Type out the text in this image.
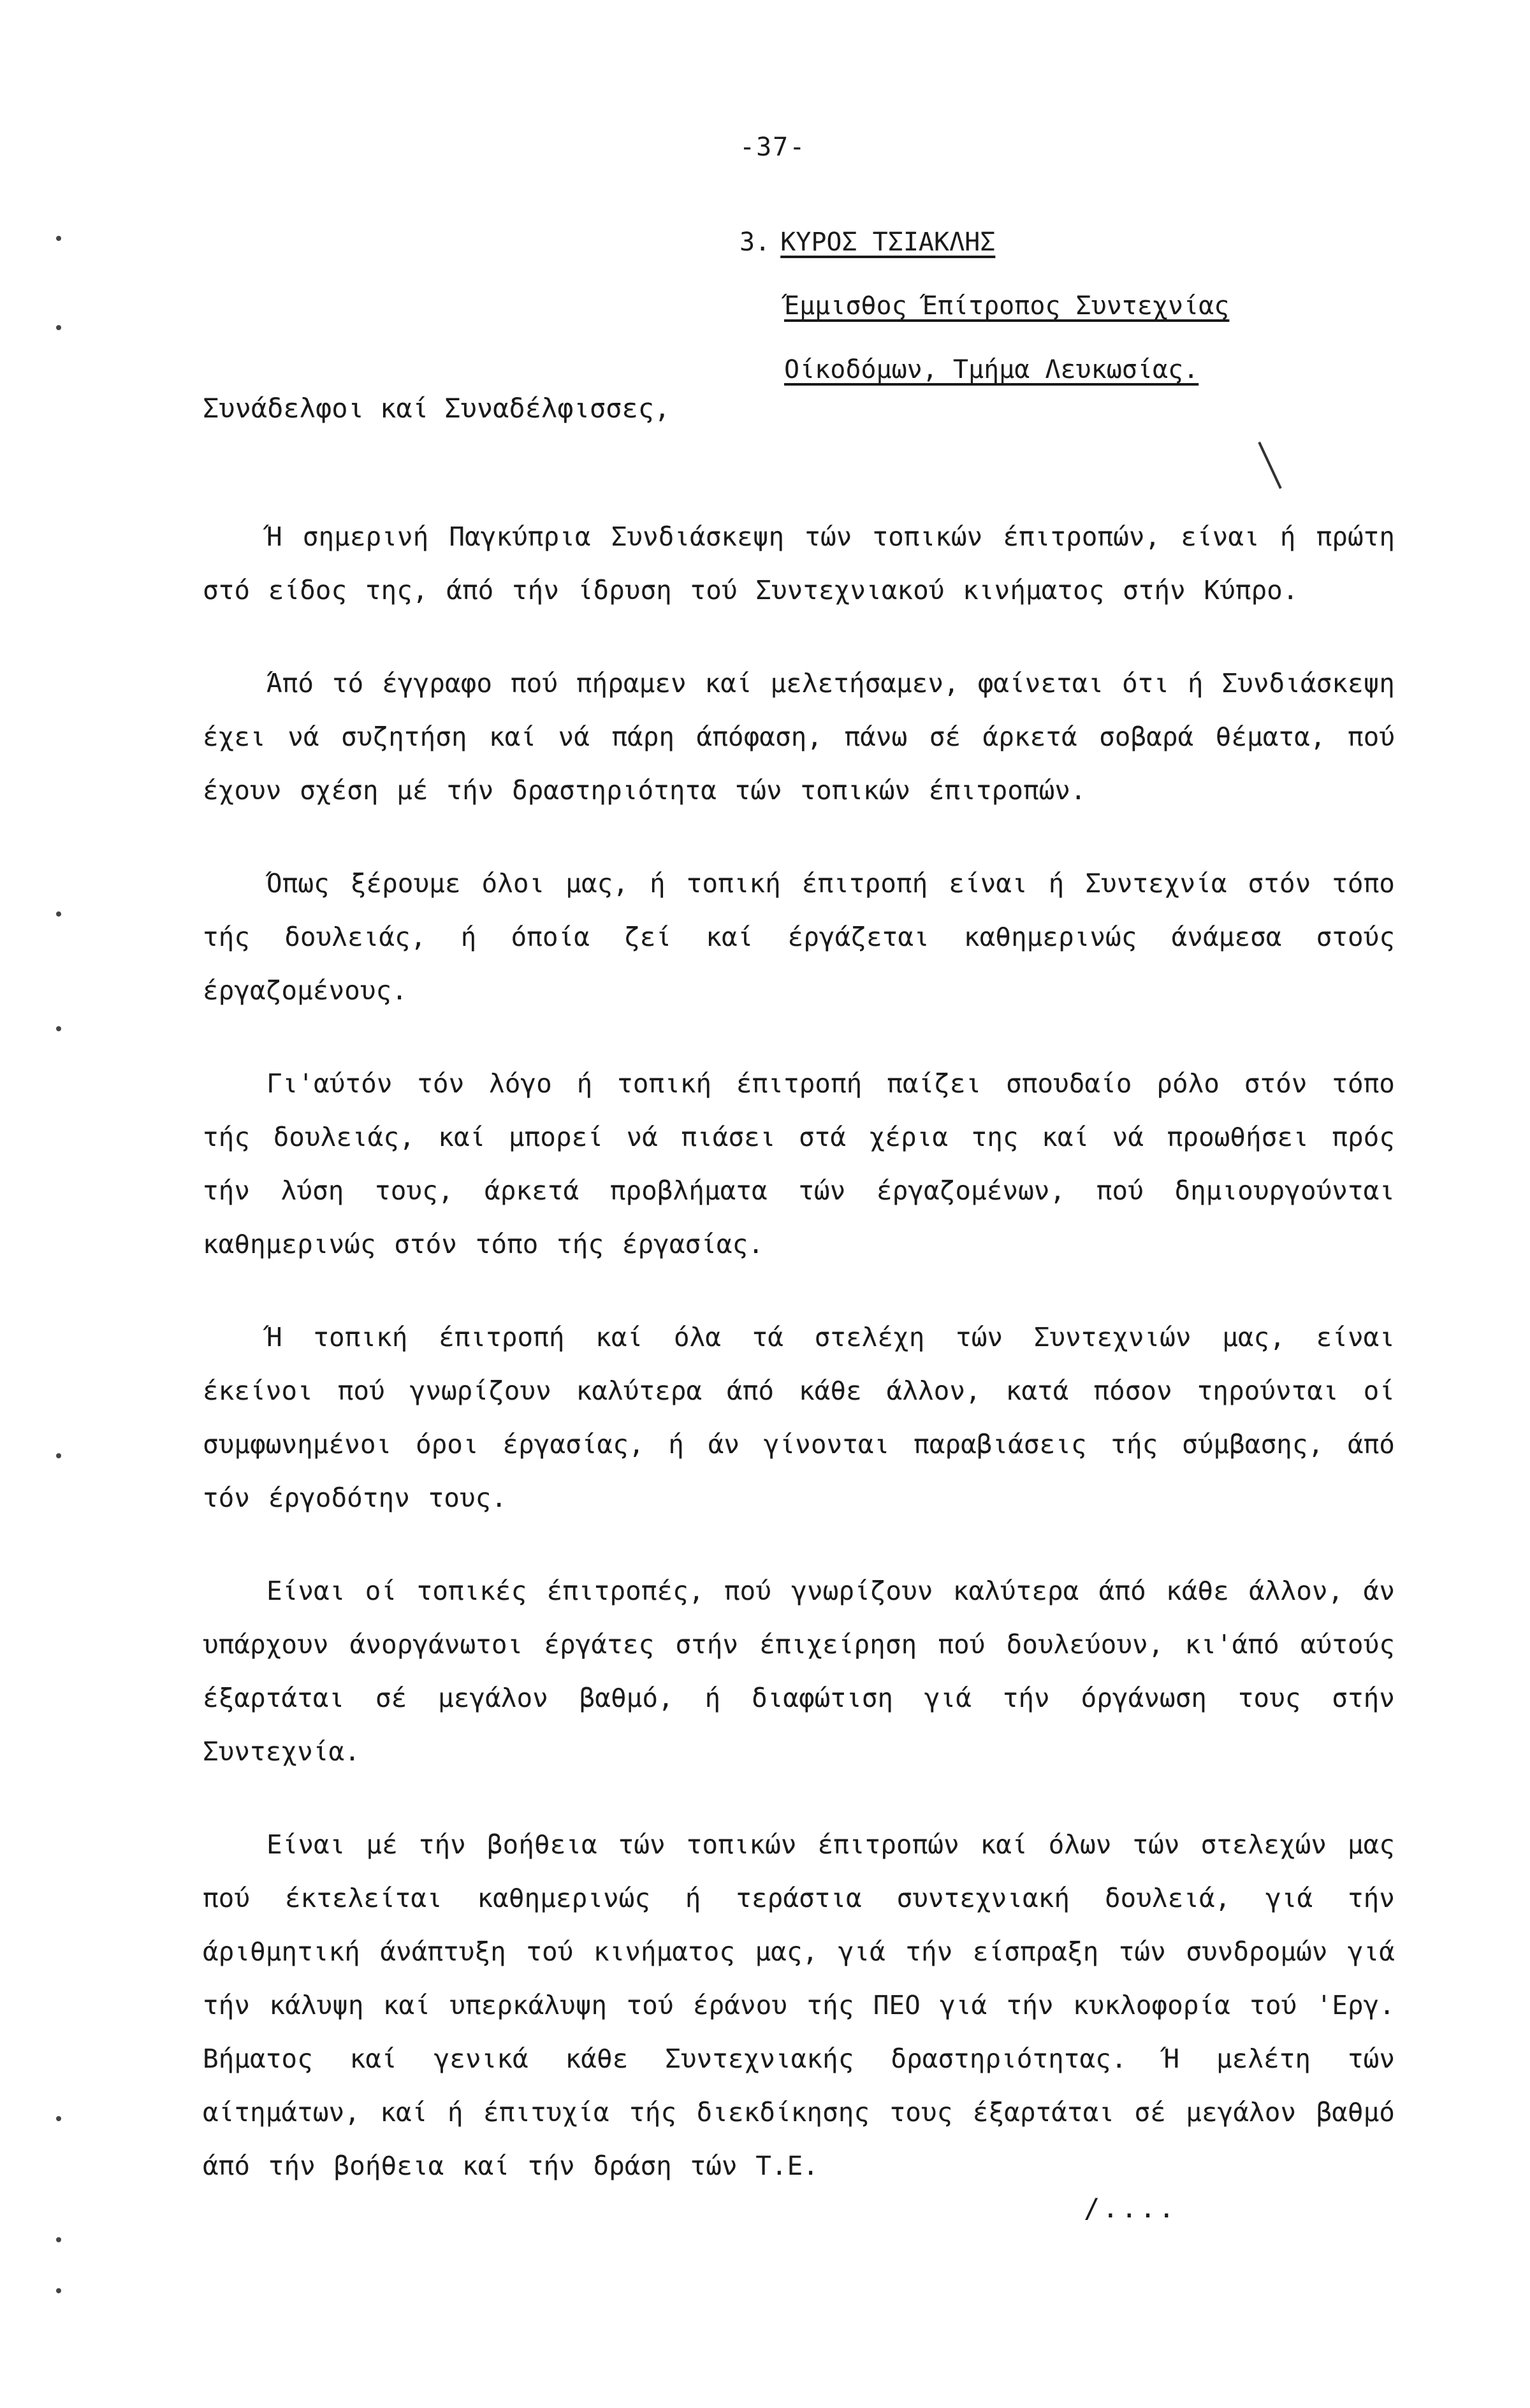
-37-
3. ΚΥΡΟΣ ΤΣΙΑΚΛΗΣ
Έμμισθος Έπίτροπος Συντεχνίας
Οίκοδόμων, Τμήμα Λευκωσίας.
Συνάδελφοι καί Συναδέλφισσες,

Ή σημερινή Παγκύπρια Συνδιάσκεψη τών τοπικών έπιτροπών, είναι ή πρώτη στό είδος της, άπό τήν ίδρυση τού Συντεχνιακού κινήματος στήν Κύπρο.

Άπό τό έγγραφο πού πήραμεν καί μελετήσαμεν, φαίνεται ότι ή Συνδιάσκεψη έχει νά συζητήση καί νά πάρη άπόφαση, πάνω σέ άρκετά σοβαρά θέματα, πού έχουν σχέση μέ τήν δραστηριότητα τών τοπικών έπιτροπών.

Όπως ξέρουμε όλοι μας, ή τοπική έπιτροπή είναι ή Συντεχνία στόν τόπο τής δουλειάς, ή όποία ζεί καί έργάζεται καθημερινώς άνάμεσα στούς έργαζομένους.

Γι'αύτόν τόν λόγο ή τοπική έπιτροπή παίζει σπουδαίο ρόλο στόν τόπο τής δουλειάς, καί μπορεί νά πιάσει στά χέρια της καί νά προωθήσει πρός τήν λύση τους, άρκετά προβλήματα τών έργαζομένων, πού δημιουργούνται καθημερινώς στόν τόπο τής έργασίας.

Ή τοπική έπιτροπή καί όλα τά στελέχη τών Συντεχνιών μας, είναι έκείνοι πού γνωρίζουν καλύτερα άπό κάθε άλλον, κατά πόσον τηρούνται οί συμφωνημένοι όροι έργασίας, ή άν γίνονται παραβιάσεις τής σύμβασης, άπό τόν έργοδότην τους.

Είναι οί τοπικές έπιτροπές, πού γνωρίζουν καλύτερα άπό κάθε άλλον, άν υπάρχουν άνοργάνωτοι έργάτες στήν έπιχείρηση πού δουλεύουν, κι'άπό αύτούς έξαρτάται σέ μεγάλον βαθμό, ή διαφώτιση γιά τήν όργάνωση τους στήν Συντεχνία.

Είναι μέ τήν βοήθεια τών τοπικών έπιτροπών καί όλων τών στελεχών μας πού έκτελείται καθημερινώς ή τεράστια συντεχνιακή δουλειά, γιά τήν άριθμητική άνάπτυξη τού κινήματος μας, γιά τήν είσπραξη τών συνδρομών γιά τήν κάλυψη καί υπερκάλυψη τού έράνου τής ΠΕΟ γιά τήν κυκλοφορία τού 'Εργ. Βήματος καί γενικά κάθε Συντεχνιακής δραστηριότητας. Ή μελέτη τών αίτημάτων, καί ή έπιτυχία τής διεκδίκησης τους έξαρτάται σέ μεγάλον βαθμό άπό τήν βοήθεια καί τήν δράση τών Τ.Ε.

/....
